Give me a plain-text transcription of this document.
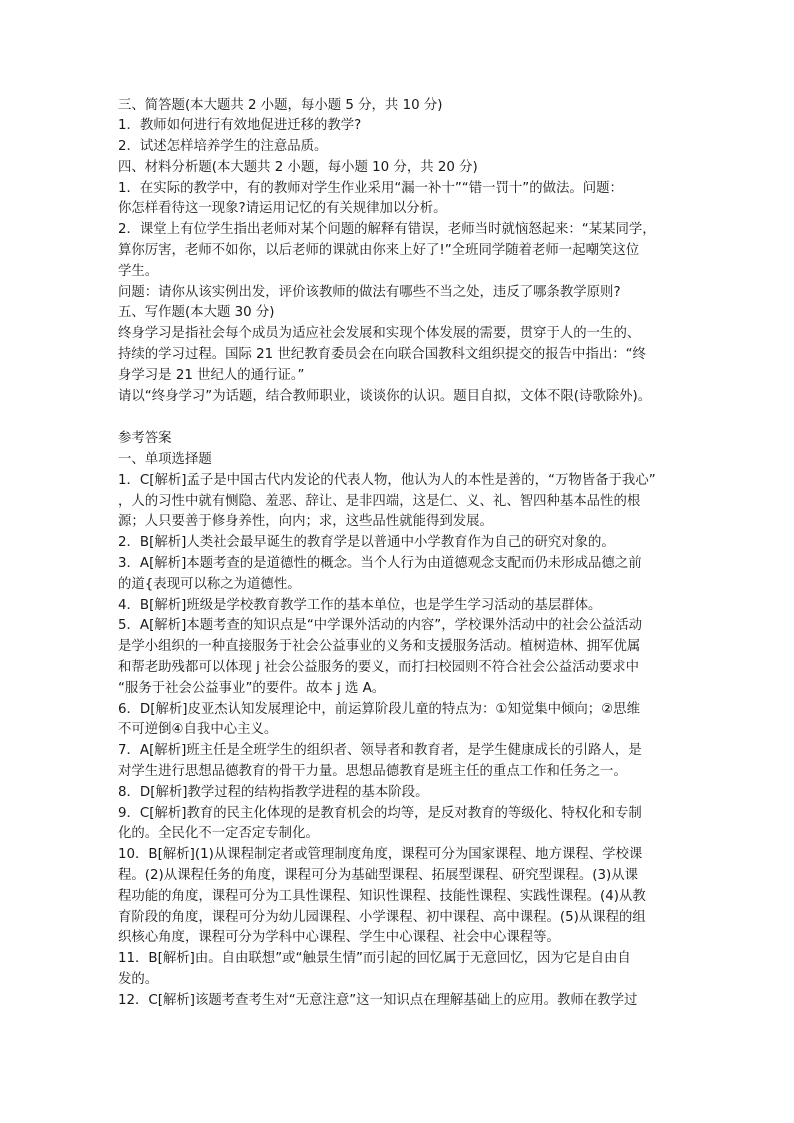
三、简答题(本大题共 2 小题，每小题 5 分，共 10 分)
1．教师如何进行有效地促进迁移的教学?
2．试述怎样培养学生的注意品质。
四、材料分析题(本大题共 2 小题，每小题 10 分，共 20 分)
1．在实际的教学中，有的教师对学生作业采用“漏一补十”“错一罚十”的做法。问题：
你怎样看待这一现象?请运用记忆的有关规律加以分析。
2．课堂上有位学生指出老师对某个问题的解释有错误，老师当时就恼怒起来：“某某同学，
算你厉害，老师不如你，以后老师的课就由你来上好了!”全班同学随着老师一起嘲笑这位
学生。
问题：请你从该实例出发，评价该教师的做法有哪些不当之处，违反了哪条教学原则?
五、写作题(本大题 30 分)
终身学习是指社会每个成员为适应社会发展和实现个体发展的需要，贯穿于人的一生的、
持续的学习过程。国际 21 世纪教育委员会在向联合国教科文组织提交的报告中指出：“终
身学习是 21 世纪人的通行证。”
请以“终身学习”为话题，结合教师职业，谈谈你的认识。题目自拟，文体不限(诗歌除外)。
参考答案
一、单项选择题
1．C[解析]孟子是中国古代内发论的代表人物，他认为人的本性是善的，“万物皆备于我心”
，人的习性中就有恻隐、羞恶、辞让、是非四端，这是仁、义、礼、智四种基本品性的根
源；人只要善于修身养性，向内；求，这些品性就能得到发展。
2．B[解析]人类社会最早诞生的教育学是以普通中小学教育作为自己的研究对象的。
3．A[解析]本题考查的是道德性的概念。当个人行为由道德观念支配而仍未形成品德之前
的道{表现可以称之为道德性。
4．B[解析]班级是学校教育教学工作的基本单位，也是学生学习活动的基层群体。
5．A[解析]本题考查的知识点是“中学课外活动的内容”，学校课外活动中的社会公益活动
是学小组织的一种直接服务于社会公益事业的义务和支援服务活动。植树造林、拥军优属
和帮老助残都可以体现 j 社会公益服务的要义，而打扫校园则不符合社会公益活动要求中
“服务于社会公益事业”的要件。故本 j 选 A。
6．D[解析]皮亚杰认知发展理论中，前运算阶段儿童的特点为：①知觉集中倾向；②思维
不可逆倒④自我中心主义。
7．A[解析]班主任是全班学生的组织者、领导者和教育者，是学生健康成长的引路人，是
对学生进行思想品德教育的骨干力量。思想品德教育是班主任的重点工作和任务之一。
8．D[解析]教学过程的结构指教学进程的基本阶段。
9．C[解析]教育的民主化体现的是教育机会的均等，是反对教育的等级化、特权化和专制
化的。全民化不一定否定专制化。
10．B[解析](1)从课程制定者或管理制度角度，课程可分为国家课程、地方课程、学校课
程。(2)从课程任务的角度，课程可分为基础型课程、拓展型课程、研究型课程。(3)从课
程功能的角度，课程可分为工具性课程、知识性课程、技能性课程、实践性课程。(4)从教
育阶段的角度，课程可分为幼儿园课程、小学课程、初中课程、高中课程。(5)从课程的组
织核心角度，课程可分为学科中心课程、学生中心课程、社会中心课程等。
11．B[解析]由。自由联想”或“触景生情”而引起的回忆属于无意回忆，因为它是自由自
发的。
12．C[解析]该题考查考生对“无意注意”这一知识点在理解基础上的应用。教师在教学过
